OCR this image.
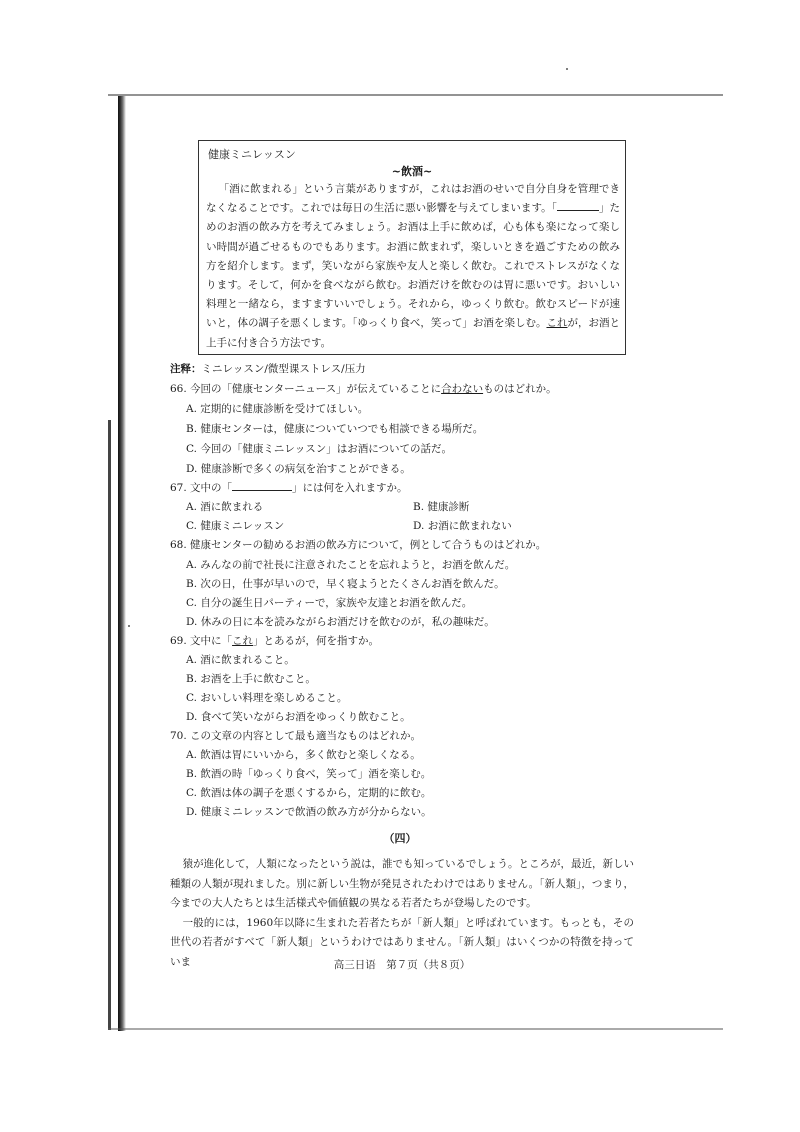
健康ミニレッスン
~飲酒~

「酒に飲まれる」という言葉がありますが，これはお酒のせいで自分自身を管理できなくなることです。これでは毎日の生活に悪い影響を与えてしまいます。「	」ためのお酒の飲み方を考えてみましょう。お酒は上手に飲めば，心も体も楽になって楽しい時間が過ごせるものでもあります。お酒に飲まれず，楽しいときを過ごすための飲み方を紹介します。まず，笑いながら家族や友人と楽しく飲む。これでストレスがなくなります。そして，何かを食べながら飲む。お酒だけを飲むのは胃に悪いです。おいしい料理と一緒なら，ますますいいでしょう。それから，ゆっくり飲む。飲むスピードが速いと，体の調子を悪くします。「ゆっくり食べ，笑って」お酒を楽しむ。これが，お酒と上手に付き合う方法です。

注释：ミニレッスン/微型课ストレス/压力
66. 今回の「健康センターニュース」が伝えていることに合わないものはどれか。
A. 定期的に健康診断を受けてほしい。
B. 健康センターは，健康についていつでも相談できる場所だ。
C. 今回の「健康ミニレッスン」はお酒についての話だ。
D. 健康診断で多くの病気を治すことができる。
67. 文中の「	」には何を入れますか。
A. 酒に飲まれる	B. 健康診断
C. 健康ミニレッスン	D. お酒に飲まれない
68. 健康センターの勧めるお酒の飲み方について，例として合うものはどれか。
A. みんなの前で社長に注意されたことを忘れようと，お酒を飲んだ。
B. 次の日，仕事が早いので，早く寝ようとたくさんお酒を飲んだ。
C. 自分の誕生日パーティーで，家族や友達とお酒を飲んだ。
D. 休みの日に本を読みながらお酒だけを飲むのが，私の趣味だ。
69. 文中に「これ」とあるが，何を指すか。
A. 酒に飲まれること。
B. お酒を上手に飲むこと。
C. おいしい料理を楽しめること。
D. 食べて笑いながらお酒をゆっくり飲むこと。
70. この文章の内容として最も適当なものはどれか。
A. 飲酒は胃にいいから，多く飲むと楽しくなる。
B. 飲酒の時「ゆっくり食べ，笑って」酒を楽しむ。
C. 飲酒は体の調子を悪くするから，定期的に飲む。
D. 健康ミニレッスンで飲酒の飲み方が分からない。
（四）

猿が進化して，人類になったという説は，誰でも知っているでしょう。ところが，最近，新しい種類の人類が現れました。別に新しい生物が発見されたわけではありません。「新人類」，つまり，今までの大人たちとは生活様式や価値観の異なる若者たちが登場したのです。

一般的には，1960年以降に生まれた若者たちが「新人類」と呼ばれています。もっとも，その世代の若者がすべて「新人類」というわけではありません。「新人類」はいくつかの特徴を持っていま	高三日语　第７页（共８页）
